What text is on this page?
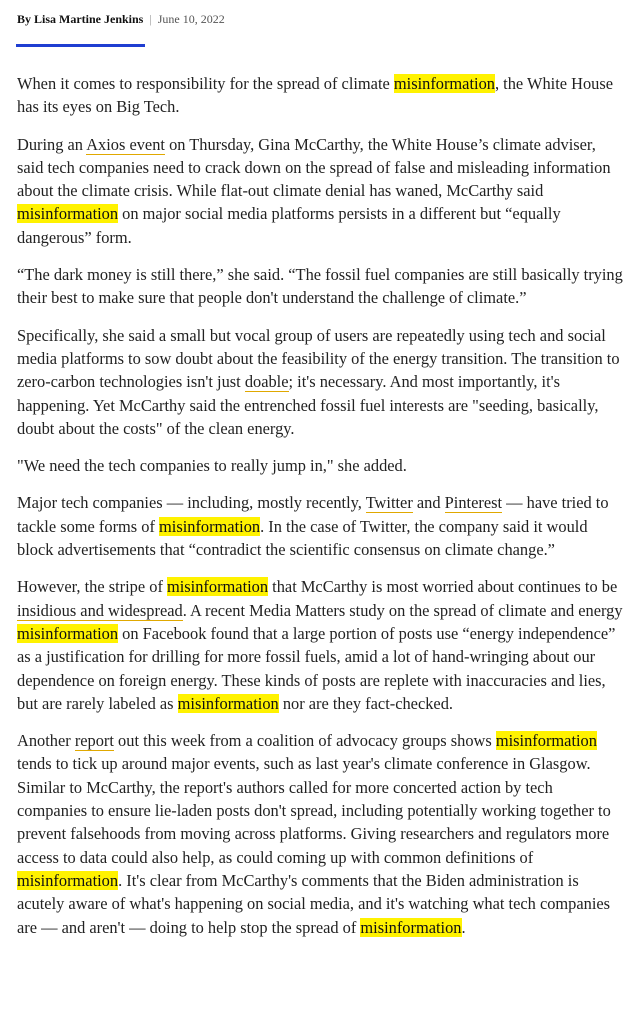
By Lisa Martine Jenkins | June 10, 2022

When it comes to responsibility for the spread of climate misinformation, the White House has its eyes on Big Tech.

During an Axios event on Thursday, Gina McCarthy, the White House’s climate adviser, said tech companies need to crack down on the spread of false and misleading information about the climate crisis. While flat-out climate denial has waned, McCarthy said misinformation on major social media platforms persists in a different but “equally dangerous” form.

“The dark money is still there,” she said. “The fossil fuel companies are still basically trying their best to make sure that people don't understand the challenge of climate.”

Specifically, she said a small but vocal group of users are repeatedly using tech and social media platforms to sow doubt about the feasibility of the energy transition. The transition to zero-carbon technologies isn't just doable; it's necessary. And most importantly, it's happening. Yet McCarthy said the entrenched fossil fuel interests are "seeding, basically, doubt about the costs" of the clean energy.

"We need the tech companies to really jump in," she added.

Major tech companies — including, mostly recently, Twitter and Pinterest — have tried to tackle some forms of misinformation. In the case of Twitter, the company said it would block advertisements that “contradict the scientific consensus on climate change.”

However, the stripe of misinformation that McCarthy is most worried about continues to be insidious and widespread. A recent Media Matters study on the spread of climate and energy misinformation on Facebook found that a large portion of posts use “energy independence” as a justification for drilling for more fossil fuels, amid a lot of hand-wringing about our dependence on foreign energy. These kinds of posts are replete with inaccuracies and lies, but are rarely labeled as misinformation nor are they fact-checked.

Another report out this week from a coalition of advocacy groups shows misinformation tends to tick up around major events, such as last year's climate conference in Glasgow. Similar to McCarthy, the report's authors called for more concerted action by tech companies to ensure lie-laden posts don't spread, including potentially working together to prevent falsehoods from moving across platforms. Giving researchers and regulators more access to data could also help, as could coming up with common definitions of misinformation. It's clear from McCarthy's comments that the Biden administration is acutely aware of what's happening on social media, and it's watching what tech companies are — and aren't — doing to help stop the spread of misinformation.
